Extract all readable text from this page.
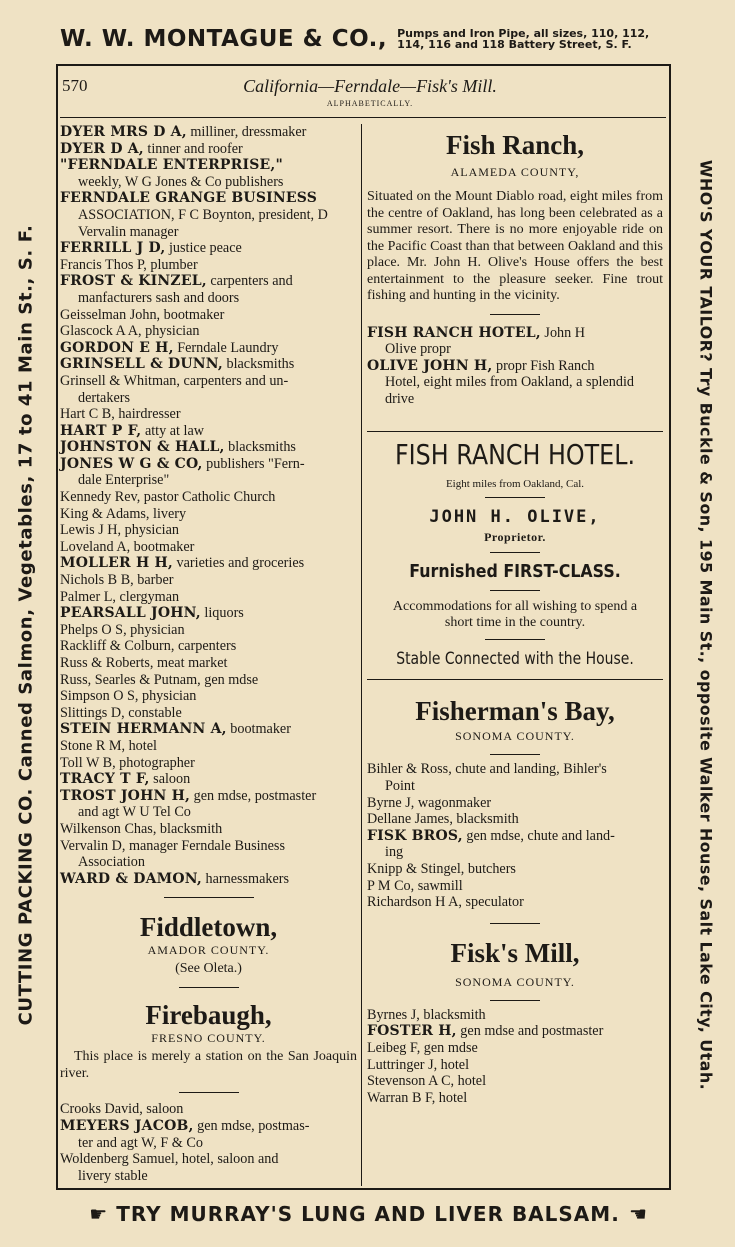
W. W. MONTAGUE & CO., Pumps and Iron Pipe, all sizes, 110, 112,
114, 116 and 118 Battery Street, S. F.
CUTTING PACKING CO. Canned Salmon, Vegetables, 17 to 41 Main St., S. F.	WHO'S YOUR TAILOR? Try Buckle & Son, 195 Main St., opposite Walker House, Salt Lake City, Utah.
570	California—Ferndale—Fisk's Mill.
ALPHABETICALLY.
DYER MRS D A, milliner, dressmaker
DYER D A, tinner and roofer
"FERNDALE ENTERPRISE,"
weekly, W G Jones & Co publishers
FERNDALE GRANGE BUSINESS
ASSOCIATION, F C Boynton, president, D Vervalin manager
FERRILL J D, justice peace
Francis Thos P, plumber
FROST & KINZEL, carpenters and
manfacturers sash and doors
Geisselman John, bootmaker
Glascock A A, physician
GORDON E H, Ferndale Laundry
GRINSELL & DUNN, blacksmiths
Grinsell & Whitman, carpenters and un-
dertakers
Hart C B, hairdresser
HART P F, atty at law
JOHNSTON & HALL, blacksmiths
JONES W G & CO, publishers "Fern-
dale Enterprise"
Kennedy Rev, pastor Catholic Church
King & Adams, livery
Lewis J H, physician
Loveland A, bootmaker
MOLLER H H, varieties and groceries
Nichols B B, barber
Palmer L, clergyman
PEARSALL JOHN, liquors
Phelps O S, physician
Rackliff & Colburn, carpenters
Russ & Roberts, meat market
Russ, Searles & Putnam, gen mdse
Simpson O S, physician
Slittings D, constable
STEIN HERMANN A, bootmaker
Stone R M, hotel
Toll W B, photographer
TRACY T F, saloon
TROST JOHN H, gen mdse, postmaster
and agt W U Tel Co
Wilkenson Chas, blacksmith
Vervalin D, manager Ferndale Business
Association
WARD & DAMON, harnessmakers
Fiddletown,
AMADOR COUNTY.
(See Oleta.)
Firebaugh,
FRESNO COUNTY.
This place is merely a station on the San Joaquin river.
Crooks David, saloon
MEYERS JACOB, gen mdse, postmas-
ter and agt W, F & Co
Woldenberg Samuel, hotel, saloon and
livery stable
Fish Ranch,
ALAMEDA COUNTY,
Situated on the Mount Diablo road, eight miles from the centre of Oakland, has long been celebrated as a summer resort. There is no more enjoyable ride on the Pacific Coast than that between Oakland and this place. Mr. John H. Olive's House offers the best entertainment to the pleasure seeker. Fine trout fishing and hunting in the vicinity.
FISH RANCH HOTEL, John H
Olive propr
OLIVE JOHN H, propr Fish Ranch
Hotel, eight miles from Oakland, a splendid drive
FISH RANCH HOTEL.
Eight miles from Oakland, Cal.
JOHN H. OLIVE,
Proprietor.
Furnished FIRST-CLASS.
Accommodations for all wishing to spend a short time in the country.
Stable Connected with the House.
Fisherman's Bay,
SONOMA COUNTY.
Bihler & Ross, chute and landing, Bihler's
Point
Byrne J, wagonmaker
Dellane James, blacksmith
FISK BROS, gen mdse, chute and land-
ing
Knipp & Stingel, butchers
P M Co, sawmill
Richardson H A, speculator
Fisk's Mill,
SONOMA COUNTY.
Byrnes J, blacksmith
FOSTER H, gen mdse and postmaster
Leibeg F, gen mdse
Luttringer J, hotel
Stevenson A C, hotel
Warran B F, hotel
☛ TRY MURRAY'S LUNG AND LIVER BALSAM. ☛
